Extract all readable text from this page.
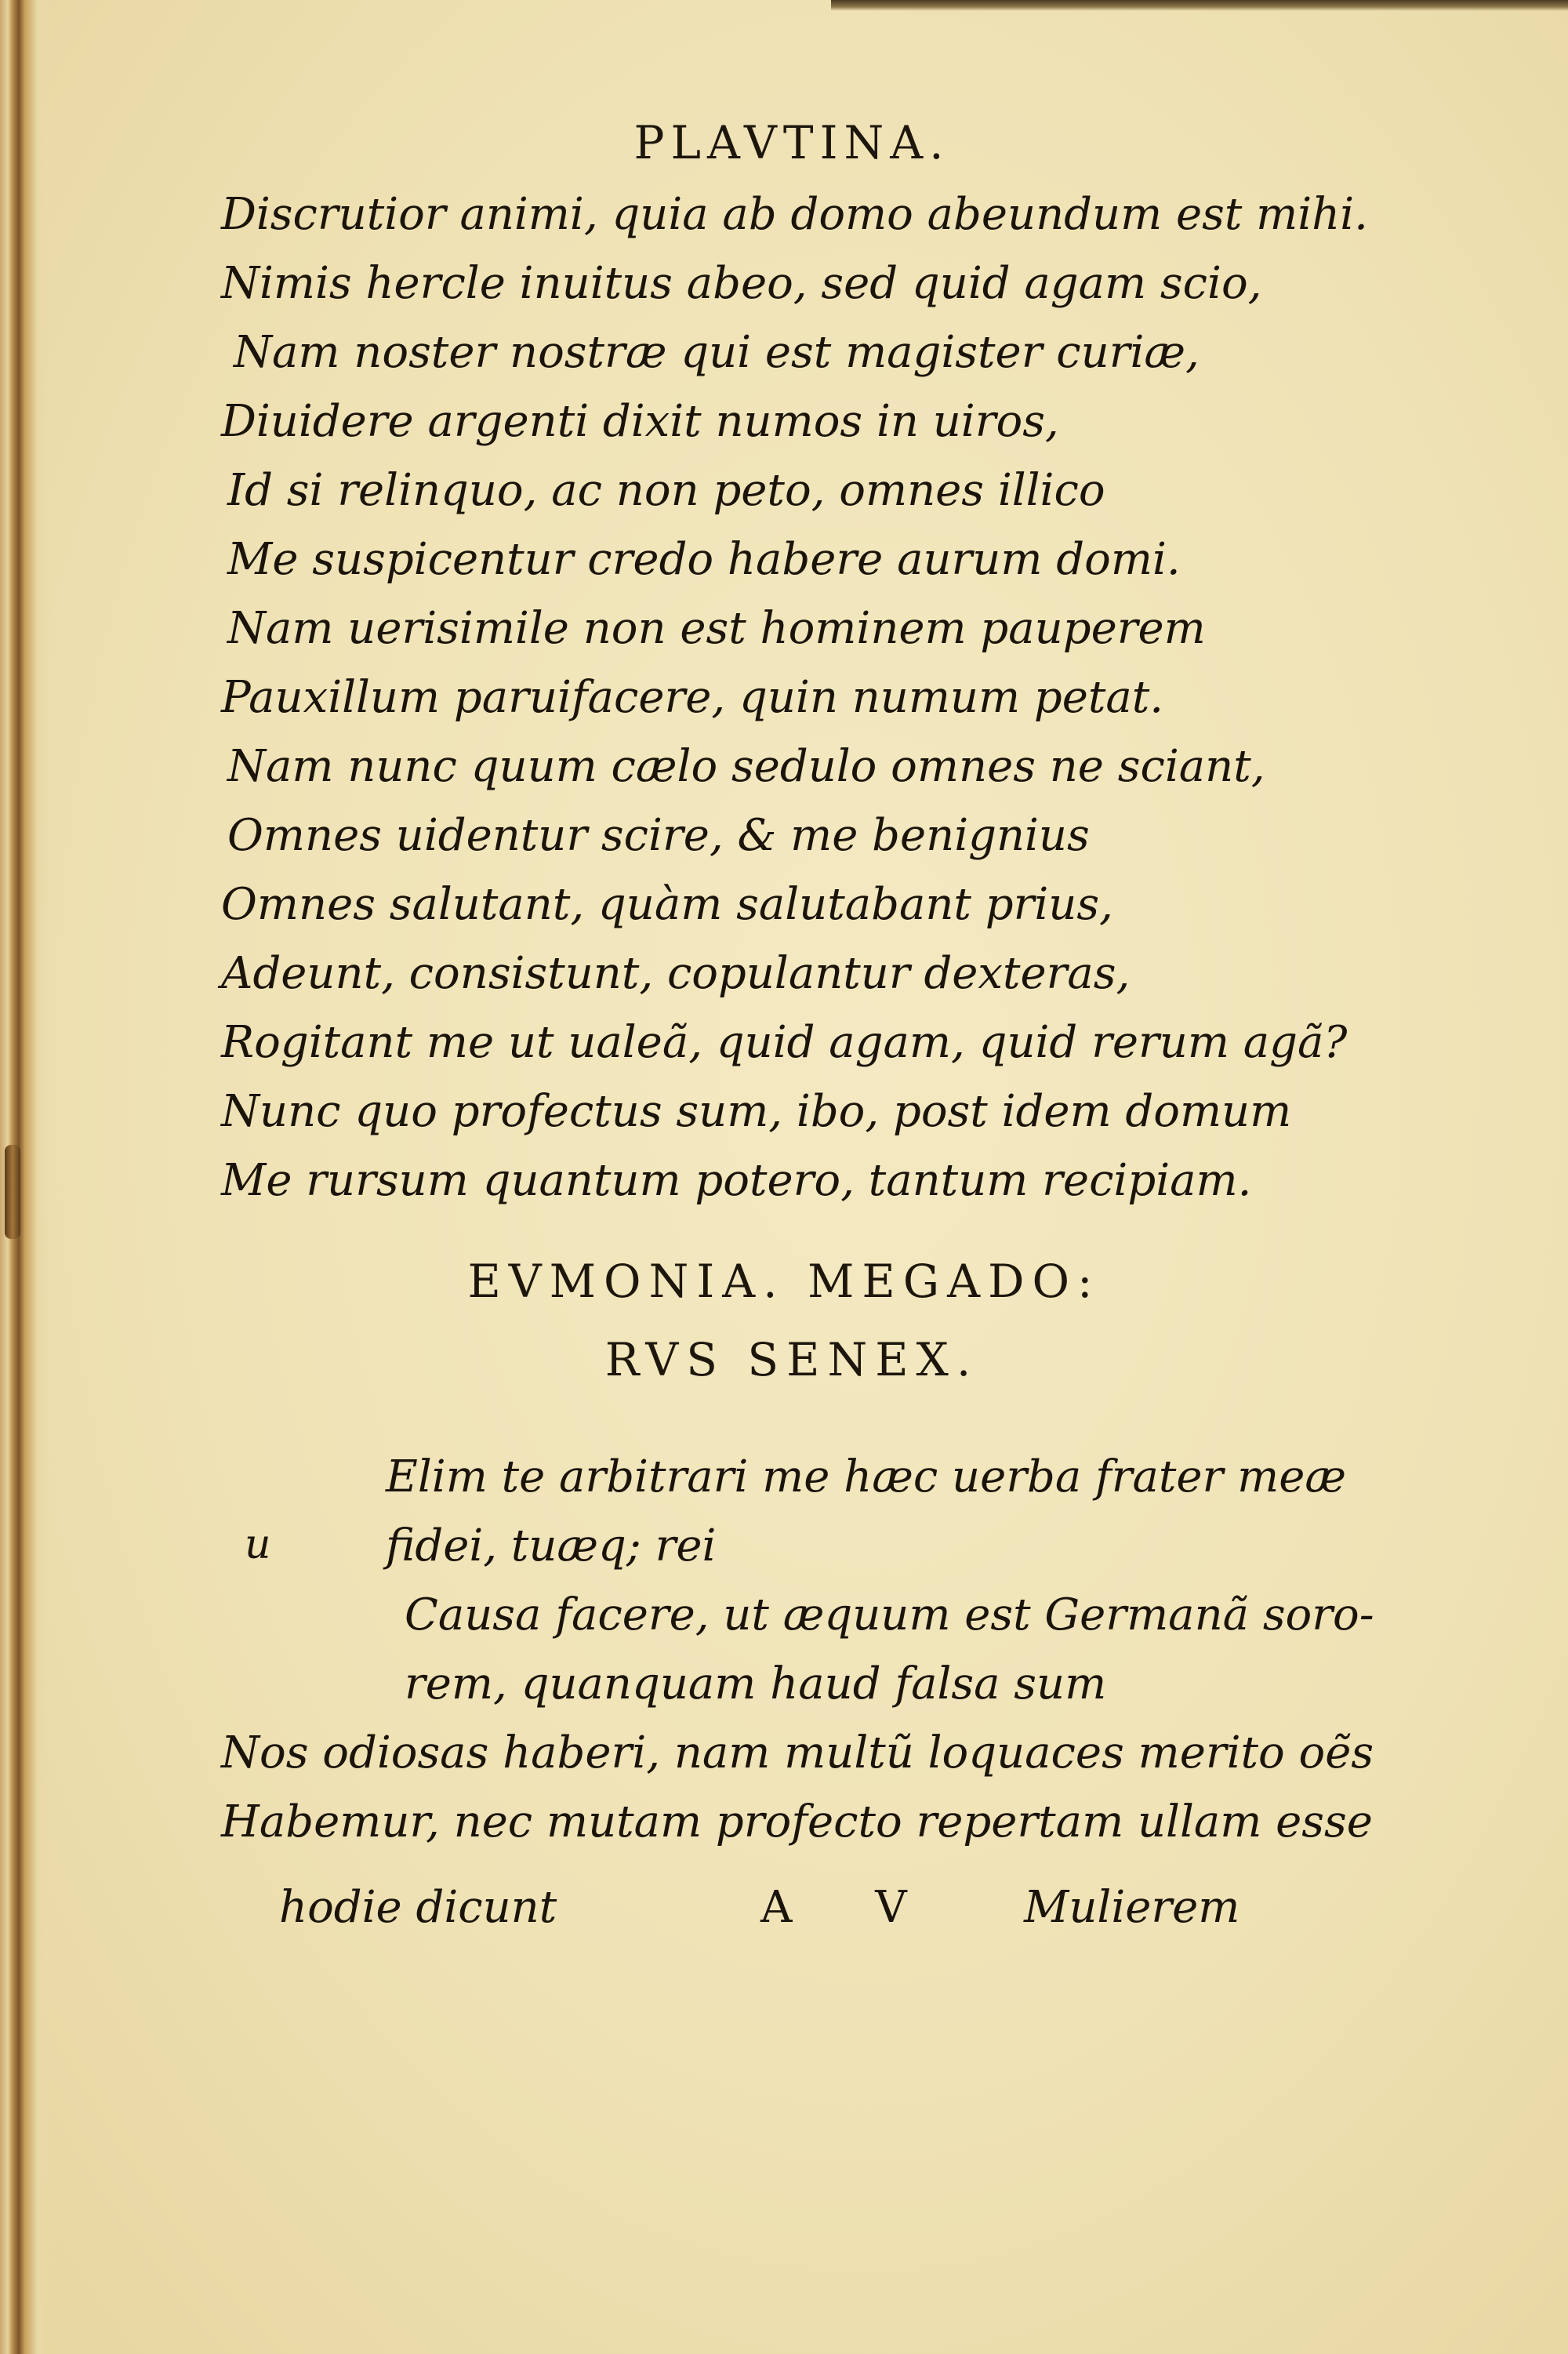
PLAVTINA.
Discrutior animi, quia ab domo abeundum est mihi.
Nimis hercle inuitus abeo, sed quid agam scio,
Nam noster nostræ qui est magister curiæ,
Diuidere argenti dixit numos in uiros,
Id si relinquo, ac non peto, omnes illico
Me suspicentur credo habere aurum domi.
Nam uerisimile non est hominem pauperem
Pauxillum paruifacere, quin numum petat.
Nam nunc quum cælo sedulo omnes ne sciant,
Omnes uidentur scire, & me benignius
Omnes salutant, quàm salutabant prius,
Adeunt, consistunt, copulantur dexteras,
Rogitant me ut ualeã, quid agam, quid rerum agã?
Nunc quo profectus sum, ibo, post idem domum
Me rursum quantum potero, tantum recipiam.
EVMONIA. MEGADO:
RVS SENEX.
u
Elim te arbitrari me hæc uerba frater meæ
fidei, tuæq; rei
Causa facere, ut æquum est Germanã soro-
rem, quanquam haud falsa sum
Nos odiosas haberi, nam multũ loquaces merito oẽs
Habemur, nec mutam profecto repertam ullam esse
hodie dicunt	A V Mulierem
